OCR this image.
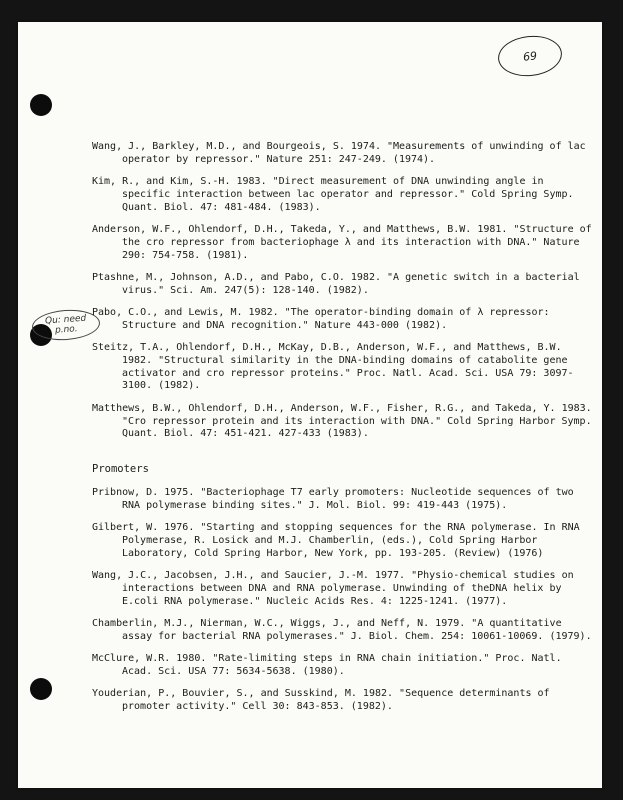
69
Qu: need p.no.
Wang, J., Barkley, M.D., and Bourgeois, S. 1974. "Measurements of unwinding of lac operator by repressor." Nature 251: 247-249. (1974).
Kim, R., and Kim, S.-H. 1983. "Direct measurement of DNA unwinding angle in specific interaction between lac operator and repressor." Cold Spring Symp. Quant. Biol. 47: 481-484. (1983).
Anderson, W.F., Ohlendorf, D.H., Takeda, Y., and Matthews, B.W. 1981. "Structure of the cro repressor from bacteriophage λ and its interaction with DNA." Nature 290: 754-758. (1981).
Ptashne, M., Johnson, A.D., and Pabo, C.O. 1982. "A genetic switch in a bacterial virus." Sci. Am. 247(5): 128-140. (1982).
Pabo, C.O., and Lewis, M. 1982. "The operator-binding domain of λ repressor: Structure and DNA recognition." Nature 443-000 (1982).
Steitz, T.A., Ohlendorf, D.H., McKay, D.B., Anderson, W.F., and Matthews, B.W. 1982. "Structural similarity in the DNA-binding domains of catabolite gene activator and cro repressor proteins." Proc. Natl. Acad. Sci. USA 79: 3097-3100. (1982).
Matthews, B.W., Ohlendorf, D.H., Anderson, W.F., Fisher, R.G., and Takeda, Y. 1983. "Cro repressor protein and its interaction with DNA." Cold Spring Harbor Symp. Quant. Biol. 47: 451-421. 427-433 (1983).
Promoters
Pribnow, D. 1975. "Bacteriophage T7 early promoters: Nucleotide sequences of two RNA polymerase binding sites." J. Mol. Biol. 99: 419-443 (1975).
Gilbert, W. 1976. "Starting and stopping sequences for the RNA polymerase. In RNA Polymerase, R. Losick and M.J. Chamberlin, (eds.), Cold Spring Harbor Laboratory, Cold Spring Harbor, New York, pp. 193-205. (Review) (1976)
Wang, J.C., Jacobsen, J.H., and Saucier, J.-M. 1977. "Physio-chemical studies on interactions between DNA and RNA polymerase. Unwinding of theDNA helix by E.coli RNA polymerase." Nucleic Acids Res. 4: 1225-1241. (1977).
Chamberlin, M.J., Nierman, W.C., Wiggs, J., and Neff, N. 1979. "A quantitative assay for bacterial RNA polymerases." J. Biol. Chem. 254: 10061-10069. (1979).
McClure, W.R. 1980. "Rate-limiting steps in RNA chain initiation." Proc. Natl. Acad. Sci. USA 77: 5634-5638. (1980).
Youderian, P., Bouvier, S., and Susskind, M. 1982. "Sequence determinants of promoter activity." Cell 30: 843-853. (1982).
